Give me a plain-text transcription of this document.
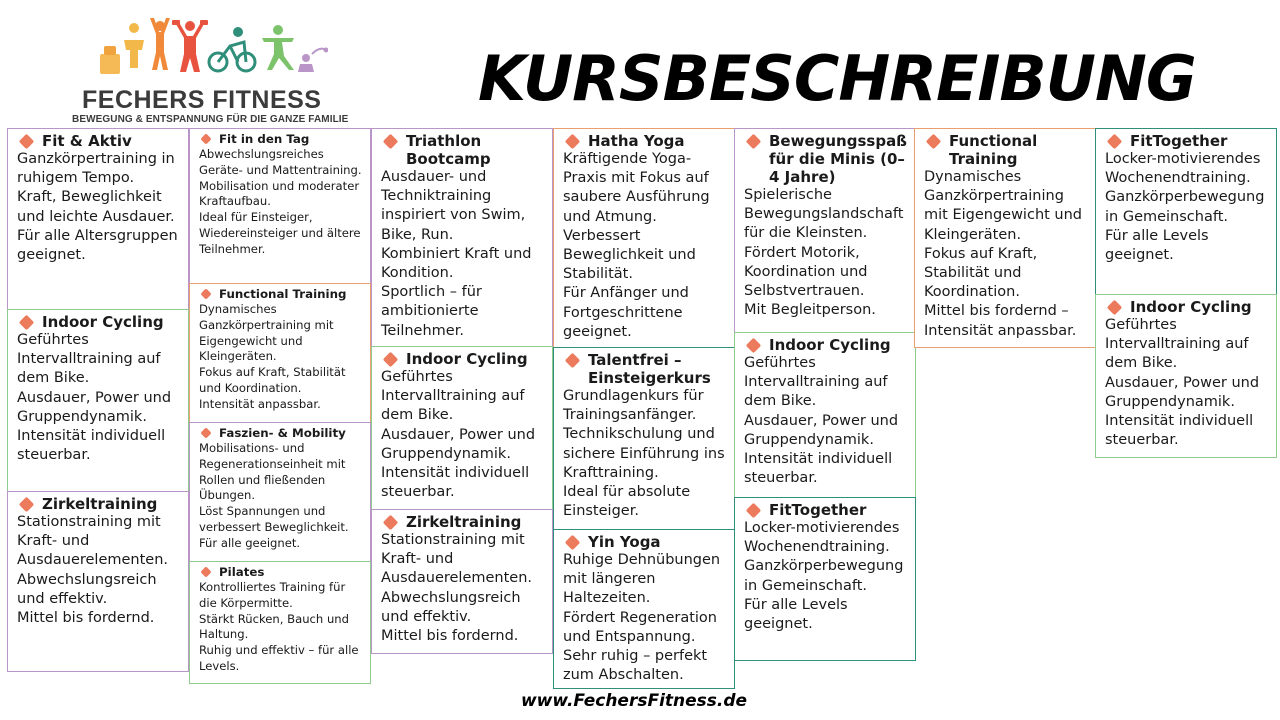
FECHERS FITNESS
BEWEGUNG & ENTSPANNUNG FÜR DIE GANZE FAMILIE
KURSBESCHREIBUNG
Fit & Aktiv
Ganzkörpertraining in ruhigem Tempo.
Kraft, Beweglichkeit und leichte Ausdauer.
Für alle Altersgruppen geeignet.
Indoor Cycling
Geführtes Intervalltraining auf dem Bike.
Ausdauer, Power und Gruppendynamik.
Intensität individuell steuerbar.
Zirkeltraining
Stationstraining mit Kraft- und Ausdauerelementen.
Abwechslungsreich und effektiv.
Mittel bis fordernd.
Fit in den Tag
Abwechslungsreiches Geräte- und Mattentraining.
Mobilisation und moderater Kraftaufbau.
Ideal für Einsteiger, Wiedereinsteiger und ältere Teilnehmer.
Functional Training
Dynamisches Ganzkörpertraining mit Eigengewicht und Kleingeräten.
Fokus auf Kraft, Stabilität und Koordination.
Intensität anpassbar.
Faszien- & Mobility
Mobilisations- und Regenerationseinheit mit Rollen und fließenden Übungen.
Löst Spannungen und verbessert Beweglichkeit.
Für alle geeignet.
Pilates
Kontrolliertes Training für die Körpermitte.
Stärkt Rücken, Bauch und Haltung.
Ruhig und effektiv – für alle Levels.
Triathlon Bootcamp
Ausdauer- und Techniktraining inspiriert von Swim, Bike, Run.
Kombiniert Kraft und Kondition.
Sportlich – für ambitionierte Teilnehmer.
Indoor Cycling
Geführtes Intervalltraining auf dem Bike.
Ausdauer, Power und Gruppendynamik.
Intensität individuell steuerbar.
Zirkeltraining
Stationstraining mit Kraft- und Ausdauerelementen.
Abwechslungsreich und effektiv.
Mittel bis fordernd.
Hatha Yoga
Kräftigende Yoga-Praxis mit Fokus auf saubere Ausführung und Atmung.
Verbessert Beweglichkeit und Stabilität.
Für Anfänger und Fortgeschrittene geeignet.
Talentfrei – Einsteigerkurs
Grundlagenkurs für Trainingsanfänger.
Technikschulung und sichere Einführung ins Krafttraining.
Ideal für absolute Einsteiger.
Yin Yoga
Ruhige Dehnübungen mit längeren Haltezeiten.
Fördert Regeneration und Entspannung.
Sehr ruhig – perfekt zum Abschalten.
Bewegungsspaß für die Minis (0–4 Jahre)
Spielerische Bewegungslandschaft für die Kleinsten.
Fördert Motorik, Koordination und Selbstvertrauen.
Mit Begleitperson.
Indoor Cycling
Geführtes Intervalltraining auf dem Bike.
Ausdauer, Power und Gruppendynamik.
Intensität individuell steuerbar.
FitTogether
Locker-motivierendes Wochenendtraining.
Ganzkörperbewegung in Gemeinschaft.
Für alle Levels geeignet.
Functional Training
Dynamisches Ganzkörpertraining mit Eigengewicht und Kleingeräten.
Fokus auf Kraft, Stabilität und Koordination.
Mittel bis fordernd – Intensität anpassbar.
FitTogether
Locker-motivierendes Wochenendtraining.
Ganzkörperbewegung in Gemeinschaft.
Für alle Levels geeignet.
Indoor Cycling
Geführtes Intervalltraining auf dem Bike.
Ausdauer, Power und Gruppendynamik.
Intensität individuell steuerbar.
www.FechersFitness.de
